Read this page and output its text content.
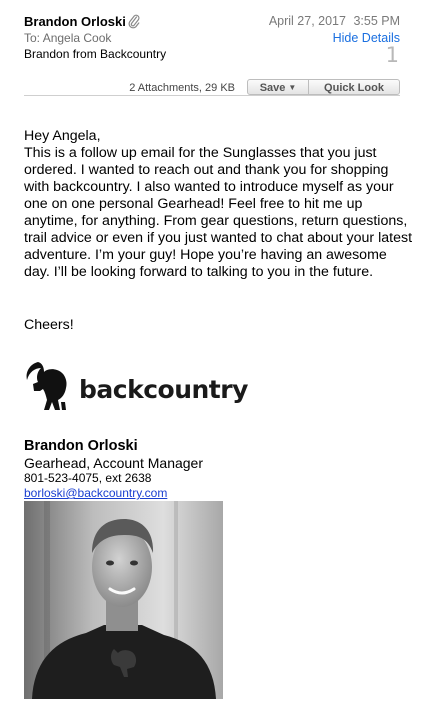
Brandon Orloski
To: Angela Cook
Brandon from Backcountry
April 27, 2017 3:55 PM
Hide Details
1
2 Attachments, 29 KB	Save ▼	Quick Look

Hey Angela,

This is a follow up email for the Sunglasses that you just ordered. I wanted to reach out and thank you for shopping with backcountry. I also wanted to introduce myself as your one on one personal Gearhead! Feel free to hit me up anytime, for anything. From gear questions, return questions, trail advice or even if you just wanted to chat about your latest adventure. I’m your guy! Hope you’re having an awesome day. I’ll be looking forward to talking to you in the future.

Cheers!
backcountry
Brandon Orloski
Gearhead, Account Manager
801-523-4075, ext 2638
borloski@backcountry.com
